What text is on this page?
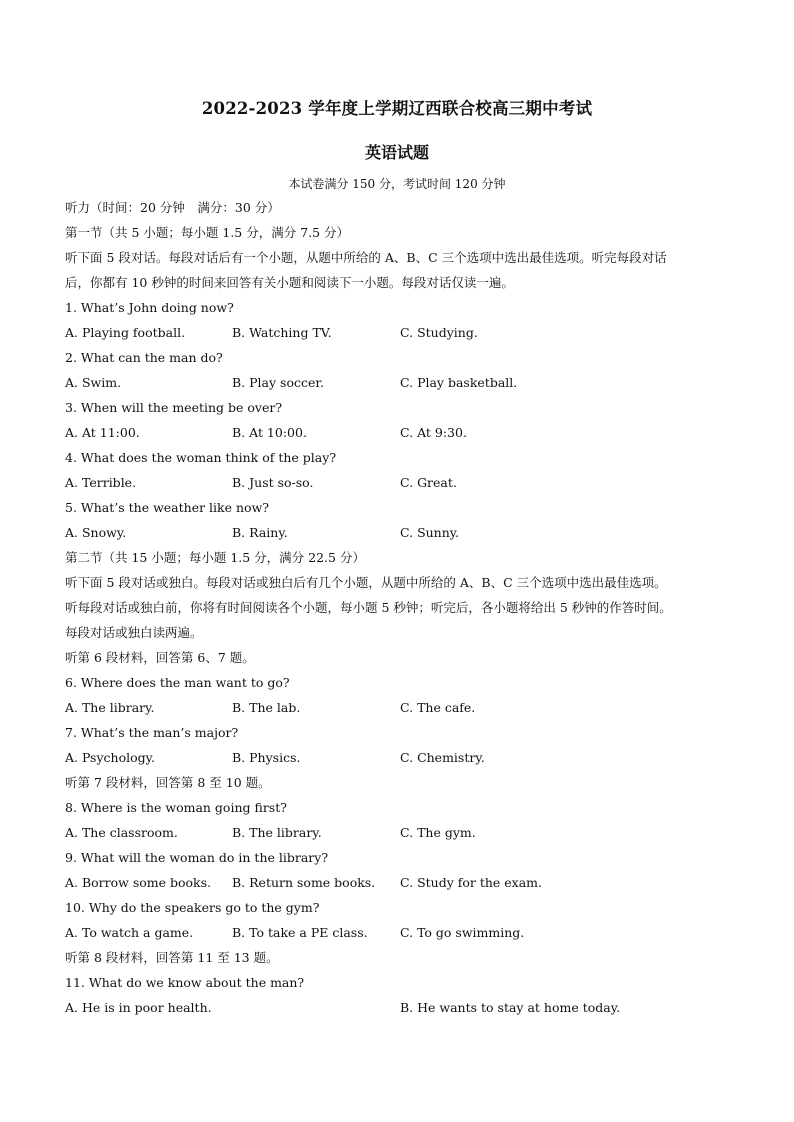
2022-2023 学年度上学期辽西联合校高三期中考试
英语试题
本试卷满分 150 分，考试时间 120 分钟
听力（时间：20 分钟　满分：30 分）
第一节（共 5 小题；每小题 1.5 分，满分 7.5 分）
听下面 5 段对话。每段对话后有一个小题，从题中所给的 A、B、C 三个选项中选出最佳选项。听完每段对话
后，你都有 10 秒钟的时间来回答有关小题和阅读下一小题。每段对话仅读一遍。
1. What’s John doing now?
A. Playing football.	B. Watching TV.	C. Studying.
2. What can the man do?
A. Swim.	B. Play soccer.	C. Play basketball.
3. When will the meeting be over?
A. At 11:00.	B. At 10:00.	C. At 9:30.
4. What does the woman think of the play?
A. Terrible.	B. Just so-so.	C. Great.
5. What’s the weather like now?
A. Snowy.	B. Rainy.	C. Sunny.
第二节（共 15 小题；每小题 1.5 分，满分 22.5 分）
听下面 5 段对话或独白。每段对话或独白后有几个小题，从题中所给的 A、B、C 三个选项中选出最佳选项。
听每段对话或独白前，你将有时间阅读各个小题，每小题 5 秒钟；听完后，各小题将给出 5 秒钟的作答时间。
每段对话或独白读两遍。
听第 6 段材料，回答第 6、7 题。
6. Where does the man want to go?
A. The library.	B. The lab.	C. The cafe.
7. What’s the man’s major?
A. Psychology.	B. Physics.	C. Chemistry.
听第 7 段材料，回答第 8 至 10 题。
8. Where is the woman going first?
A. The classroom.	B. The library.	C. The gym.
9. What will the woman do in the library?
A. Borrow some books. B. Return some books. C. Study for the exam.
10. Why do the speakers go to the gym?
A. To watch a game.	B. To take a PE class.	C. To go swimming.
听第 8 段材料，回答第 11 至 13 题。
11. What do we know about the man?
A. He is in poor health.	B. He wants to stay at home today.
